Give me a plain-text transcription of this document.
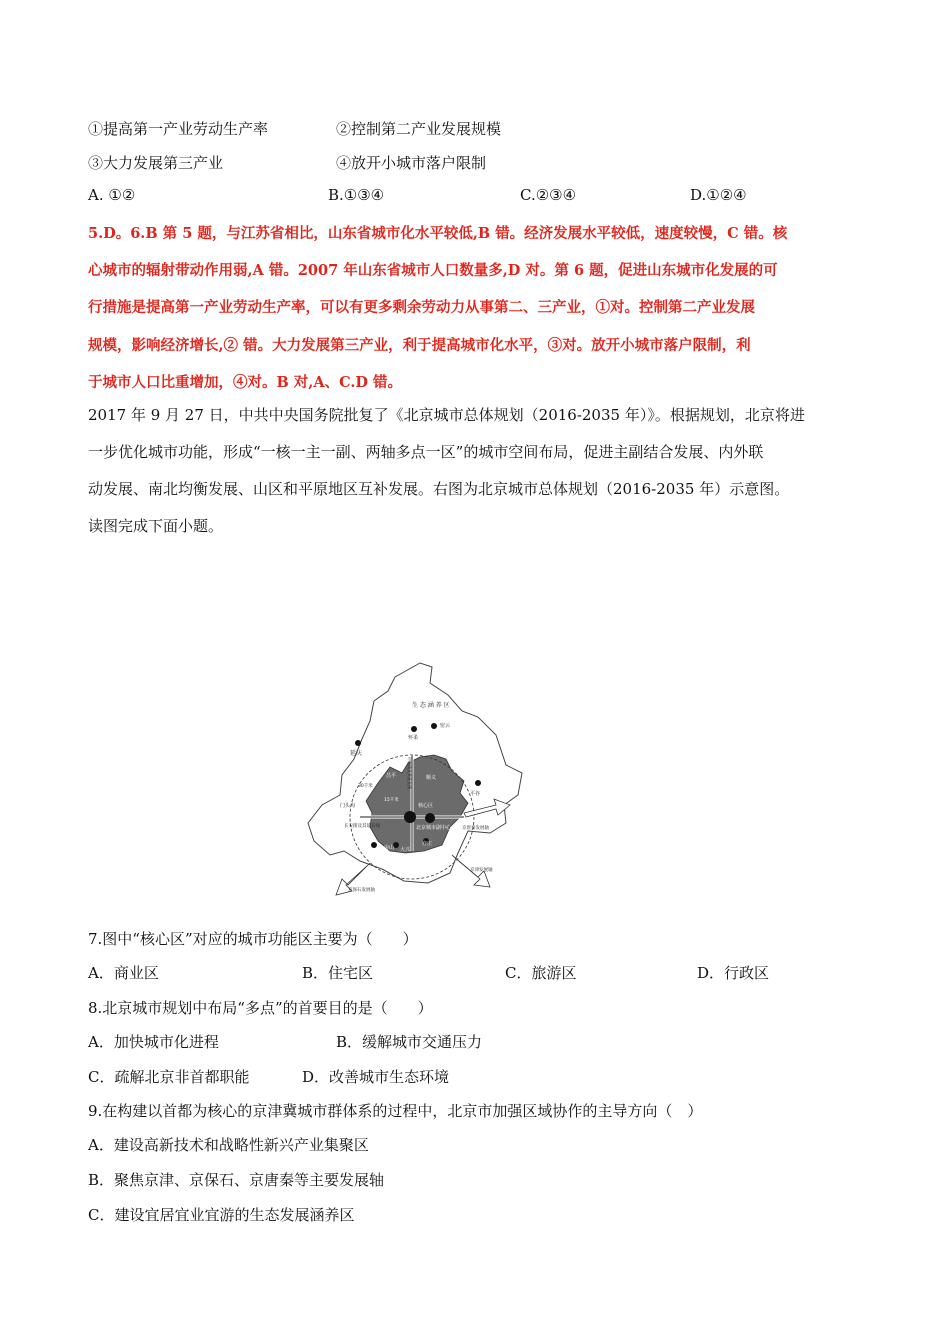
①提高第一产业劳动生产率	②控制第二产业发展规模
③大力发展第三产业	④放开小城市落户限制
A. ①②	B.①③④	C.②③④	D.①②④
5.D。6.B 第 5 题，与江苏省相比，山东省城市化水平较低,B 错。经济发展水平较低，速度较慢，C 错。核
心城市的辐射带动作用弱,A 错。2007 年山东省城市人口数量多,D 对。第 6 题，促进山东城市化发展的可
行措施是提高第一产业劳动生产率，可以有更多剩余劳动力从事第二、三产业，①对。控制第二产业发展
规模，影响经济增长,② 错。大力发展第三产业，利于提高城市化水平，③对。放开小城市落户限制，利
于城市人口比重增加，④对。B 对,A、C.D 错。
2017 年 9 月 27 日，中共中央国务院批复了《北京城市总体规划（2016-2035 年）》。根据规划，北京将进
一步优化城市功能，形成“一核一主一副、两轴多点一区”的城市空间布局，促进主副结合发展、内外联
动发展、南北均衡发展、山区和平原地区互补发展。右图为北京城市总体规划（2016-2035 年）示意图。
读图完成下面小题。
生 态 涵 养 区
延庆
怀柔
密云
平谷
门头沟	核心区
北京城市副中心
顺义
昌平
房山 大兴
亦庄
长安街及其延长线	京唐秦发展轴
京津发展轴
京保石发展轴
30千米
15千米
中轴线及其延长线
7.图中“核心区”对应的城市功能区主要为（　　）
A．商业区	B．住宅区	C．旅游区	D．行政区
8.北京城市规划中布局“多点”的首要目的是（　　）
A．加快城市化进程	B．缓解城市交通压力
C．疏解北京非首都职能	D．改善城市生态环境
9.在构建以首都为核心的京津冀城市群体系的过程中，北京市加强区域协作的主导方向（　）
A．建设高新技术和战略性新兴产业集聚区
B．聚焦京津、京保石、京唐秦等主要发展轴
C．建设宜居宜业宜游的生态发展涵养区
